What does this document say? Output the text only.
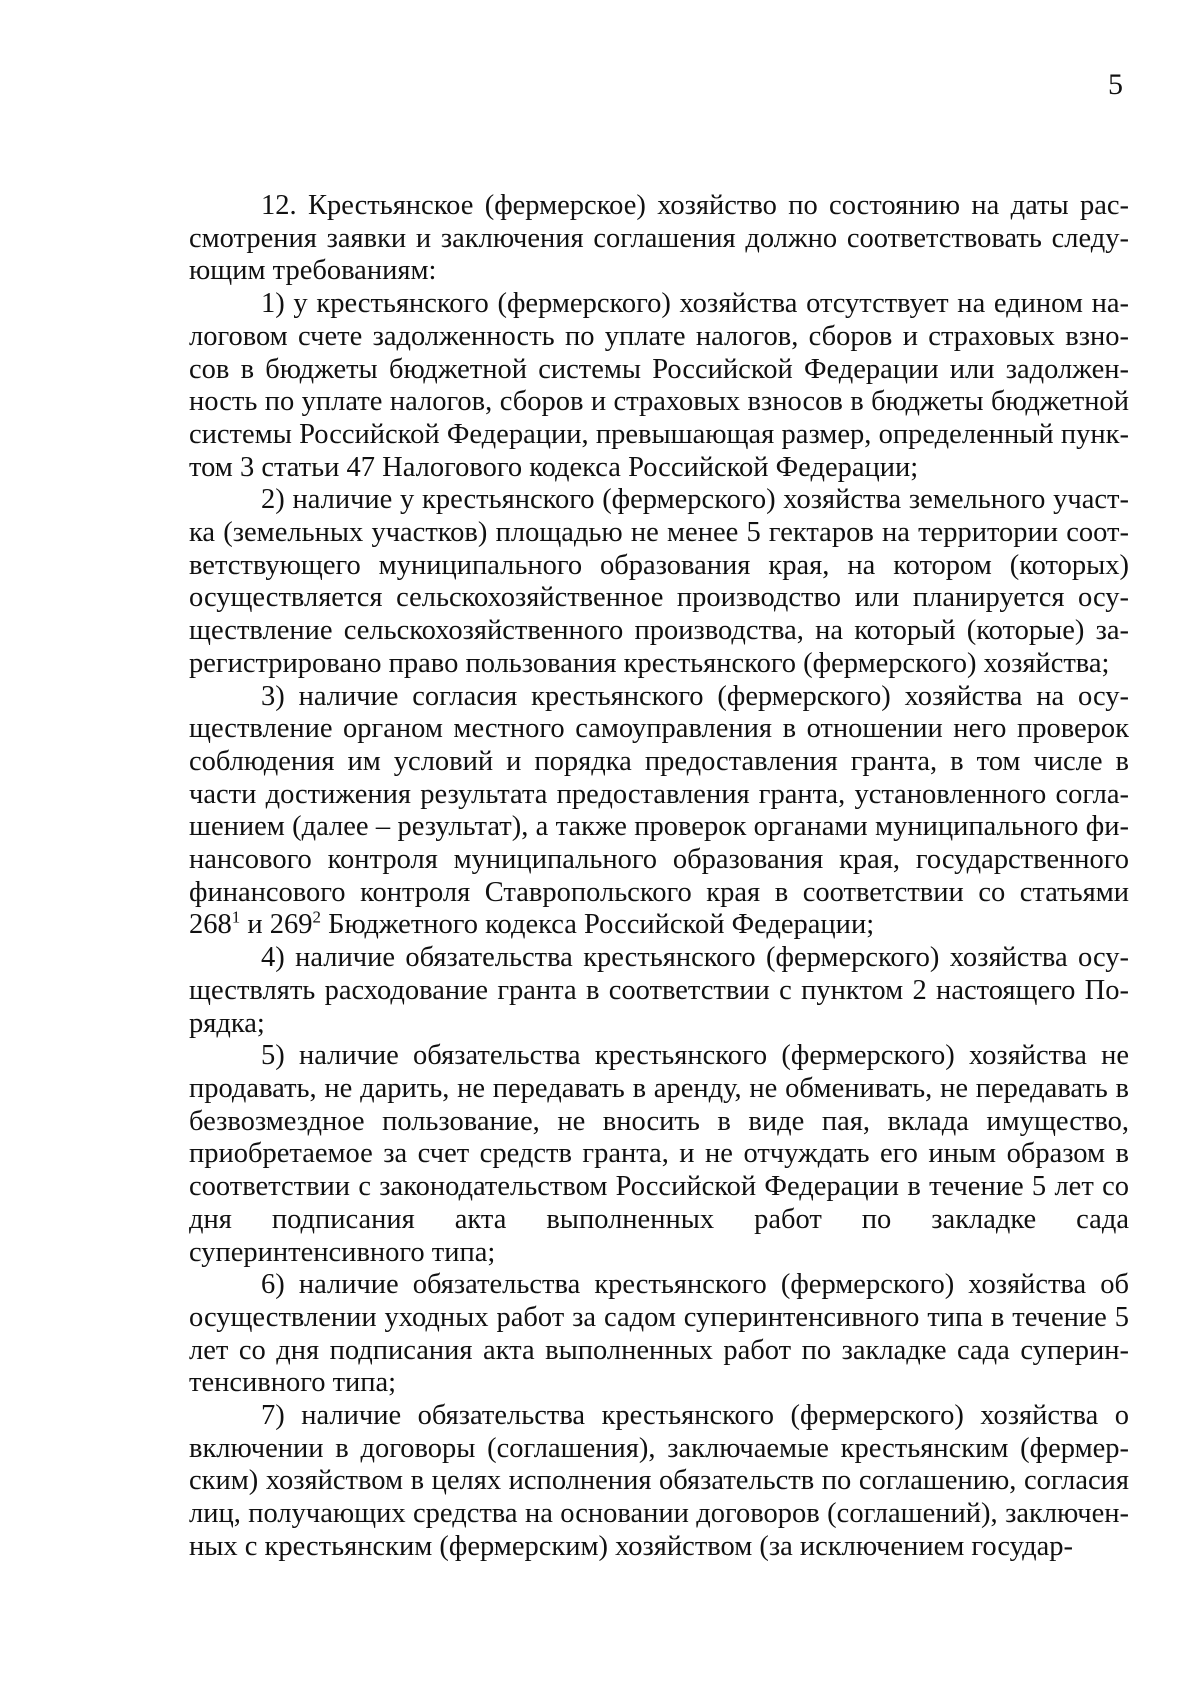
5

12. Крестьянское (фермерское) хозяйство по состоянию на даты рассмотрения заявки и заключения соглашения должно соответствовать следующим требованиям:

1) у крестьянского (фермерского) хозяйства отсутствует на едином налоговом счете задолженность по уплате налогов, сборов и страховых взносов в бюджеты бюджетной системы Российской Федерации или задолженность по уплате налогов, сборов и страховых взносов в бюджеты бюджетной системы Российской Федерации, превышающая размер, определенный пунктом 3 статьи 47 Налогового кодекса Российской Федерации;

2) наличие у крестьянского (фермерского) хозяйства земельного участка (земельных участков) площадью не менее 5 гектаров на территории соответствующего муниципального образования края, на котором (которых) осуществляется сельскохозяйственное производство или планируется осуществление сельскохозяйственного производства, на который (которые) зарегистрировано право пользования крестьянского (фермерского) хозяйства;

3) наличие согласия крестьянского (фермерского) хозяйства на осуществление органом местного самоуправления в отношении него проверок соблюдения им условий и порядка предоставления гранта, в том числе в части достижения результата предоставления гранта, установленного соглашением (далее – результат), а также проверок органами муниципального финансового контроля муниципального образования края, государственного финансового контроля Ставропольского края в соответствии со статьями $268^1$ и $269^2$ Бюджетного кодекса Российской Федерации;

4) наличие обязательства крестьянского (фермерского) хозяйства осуществлять расходование гранта в соответствии с пунктом 2 настоящего Порядка;

5) наличие обязательства крестьянского (фермерского) хозяйства не продавать, не дарить, не передавать в аренду, не обменивать, не передавать в безвозмездное пользование, не вносить в виде пая, вклада имущество, приобретаемое за счет средств гранта, и не отчуждать его иным образом в соответствии с законодательством Российской Федерации в течение 5 лет со дня подписания акта выполненных работ по закладке сада суперинтенсивного типа;

6) наличие обязательства крестьянского (фермерского) хозяйства об осуществлении уходных работ за садом суперинтенсивного типа в течение 5 лет со дня подписания акта выполненных работ по закладке сада суперинтенсивного типа;

7) наличие обязательства крестьянского (фермерского) хозяйства о включении в договоры (соглашения), заключаемые крестьянским (фермерским) хозяйством в целях исполнения обязательств по соглашению, согласия лиц, получающих средства на основании договоров (соглашений), заключенных с крестьянским (фермерским) хозяйством (за исключением государ-
